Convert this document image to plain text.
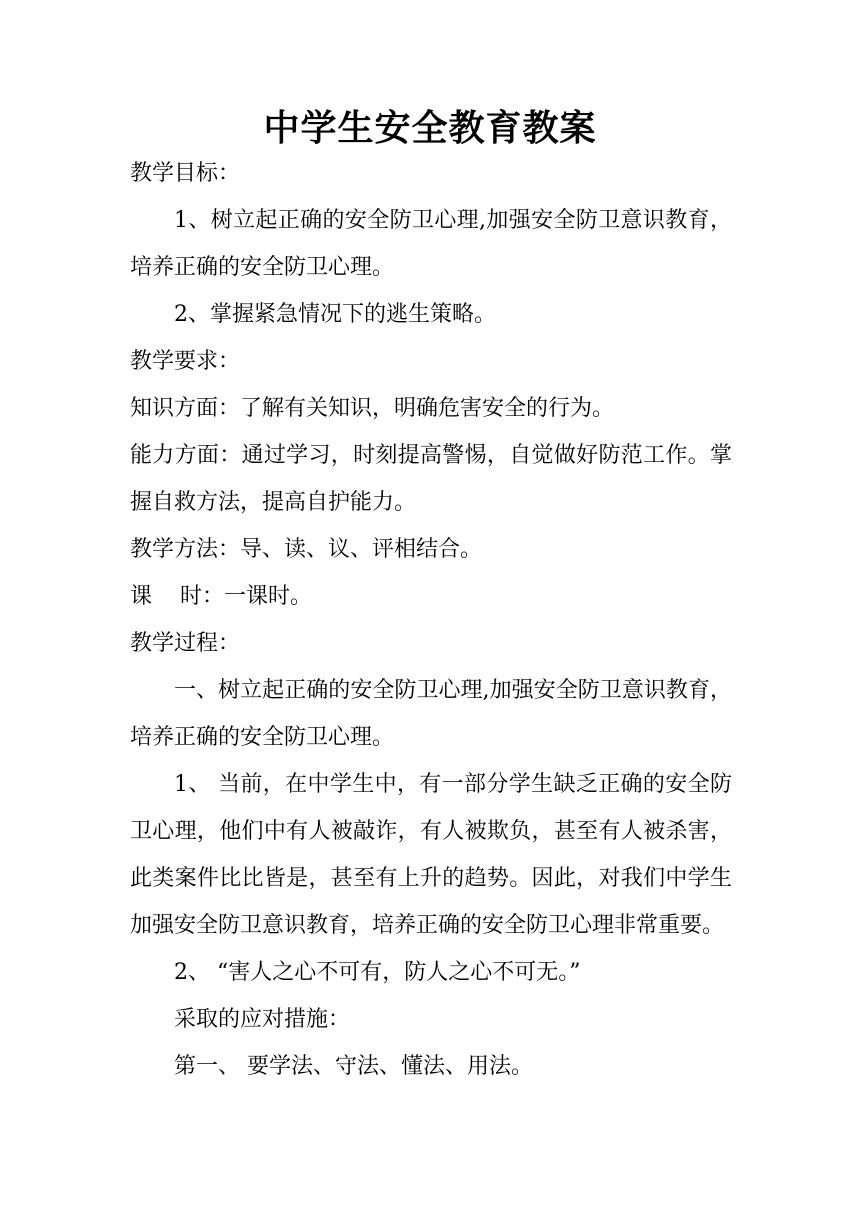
中学生安全教育教案

教学目标：

1、树立起正确的安全防卫心理,加强安全防卫意识教育，培养正确的安全防卫心理。

2、掌握紧急情况下的逃生策略。

教学要求：

知识方面：了解有关知识，明确危害安全的行为。

能力方面：通过学习，时刻提高警惕，自觉做好防范工作。掌握自救方法，提高自护能力。

教学方法：导、读、议、评相结合。

课    时：一课时。

教学过程：

一、树立起正确的安全防卫心理,加强安全防卫意识教育，培养正确的安全防卫心理。

1、 当前，在中学生中，有一部分学生缺乏正确的安全防卫心理，他们中有人被敲诈，有人被欺负，甚至有人被杀害，此类案件比比皆是，甚至有上升的趋势。因此，对我们中学生加强安全防卫意识教育，培养正确的安全防卫心理非常重要。

2、 “害人之心不可有，防人之心不可无。”

采取的应对措施：

第一、 要学法、守法、懂法、用法。
